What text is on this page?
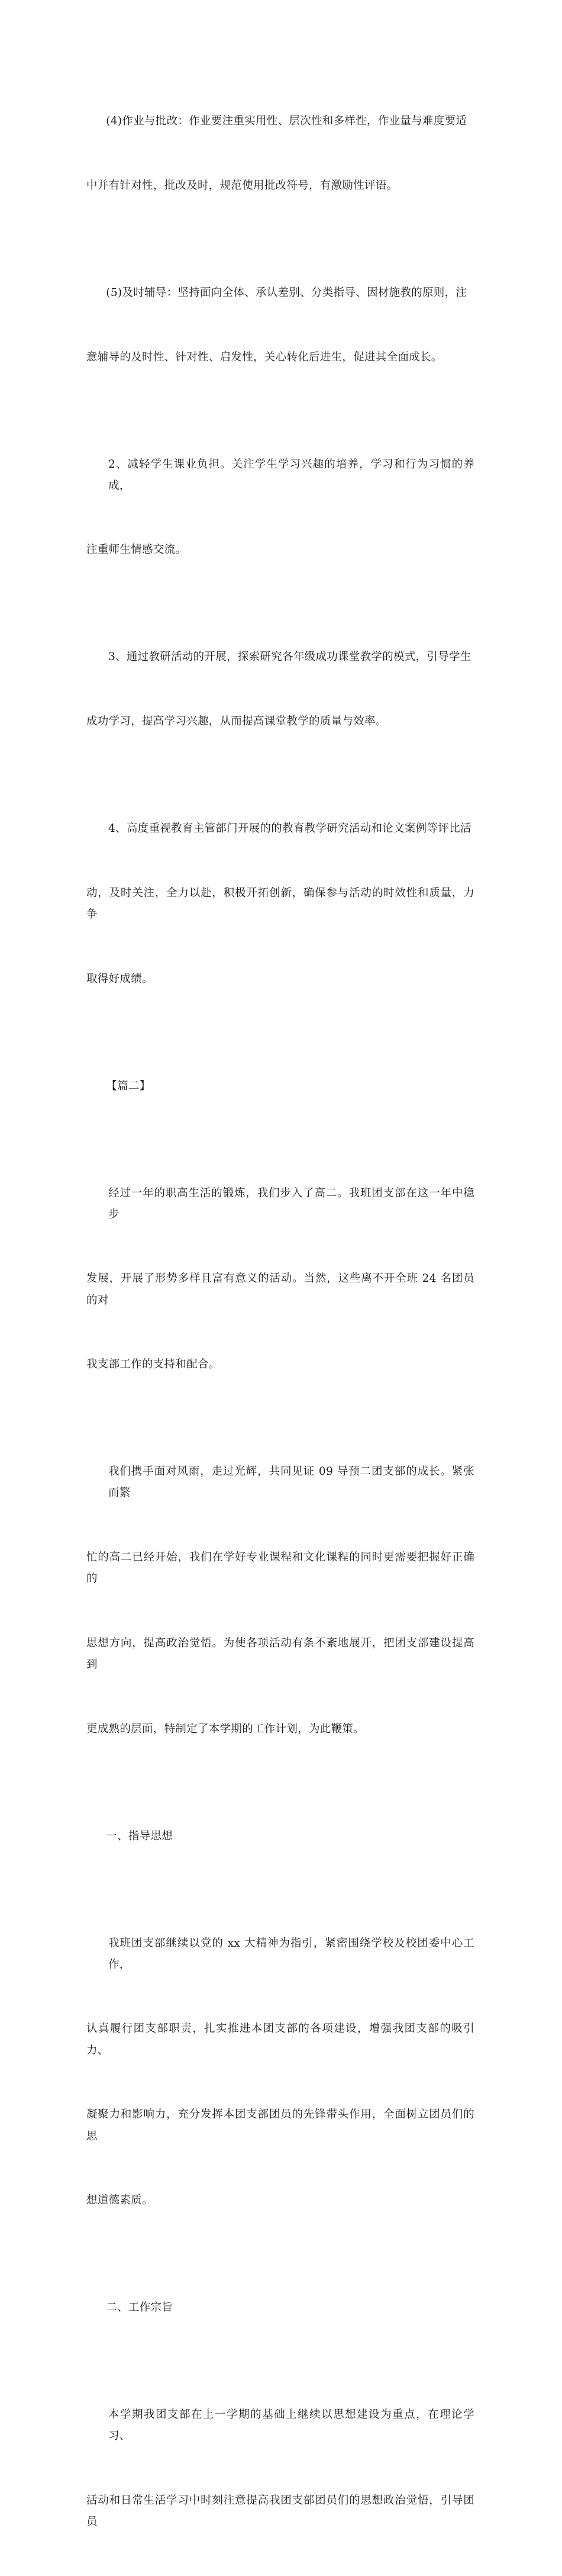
(4)作业与批改：作业要注重实用性、层次性和多样性，作业量与难度要适

中并有针对性，批改及时，规范使用批改符号，有激励性评语。

(5)及时辅导：坚持面向全体、承认差别、分类指导、因材施教的原则，注

意辅导的及时性、针对性、启发性，关心转化后进生，促进其全面成长。

2、减轻学生课业负担。关注学生学习兴趣的培养，学习和行为习惯的养成，

注重师生情感交流。

3、通过教研活动的开展，探索研究各年级成功课堂教学的模式，引导学生

成功学习，提高学习兴趣，从而提高课堂教学的质量与效率。

4、高度重视教育主管部门开展的的教育教学研究活动和论文案例等评比活

动，及时关注，全力以赴，积极开拓创新，确保参与活动的时效性和质量，力争

取得好成绩。

【篇二】

经过一年的职高生活的锻炼，我们步入了高二。我班团支部在这一年中稳步

发展，开展了形势多样且富有意义的活动。当然，这些离不开全班 24 名团员的对

我支部工作的支持和配合。

我们携手面对风雨，走过光辉，共同见证 09 导预二团支部的成长。紧张而繁

忙的高二已经开始，我们在学好专业课程和文化课程的同时更需要把握好正确的

思想方向，提高政治觉悟。为使各项活动有条不紊地展开，把团支部建设提高到

更成熟的层面，特制定了本学期的工作计划，为此鞭策。

一、指导思想

我班团支部继续以党的 xx 大精神为指引，紧密围绕学校及校团委中心工作，

认真履行团支部职责，扎实推进本团支部的各项建设，增强我团支部的吸引力、

凝聚力和影响力，充分发挥本团支部团员的先锋带头作用，全面树立团员们的思

想道德素质。

二、工作宗旨

本学期我团支部在上一学期的基础上继续以思想建设为重点，在理论学习、

活动和日常生活学习中时刻注意提高我团支部团员们的思想政治觉悟，引导团员
